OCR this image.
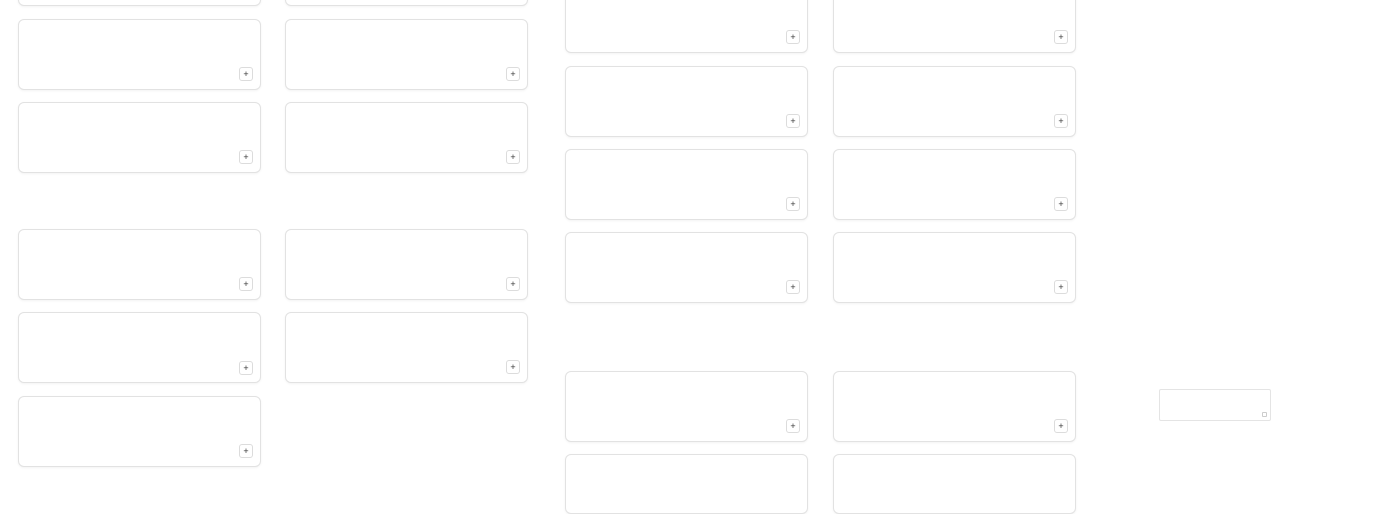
+
+
+
+
+
+
+
+
+
+
+
+
+
+
+
+
+
+	+
